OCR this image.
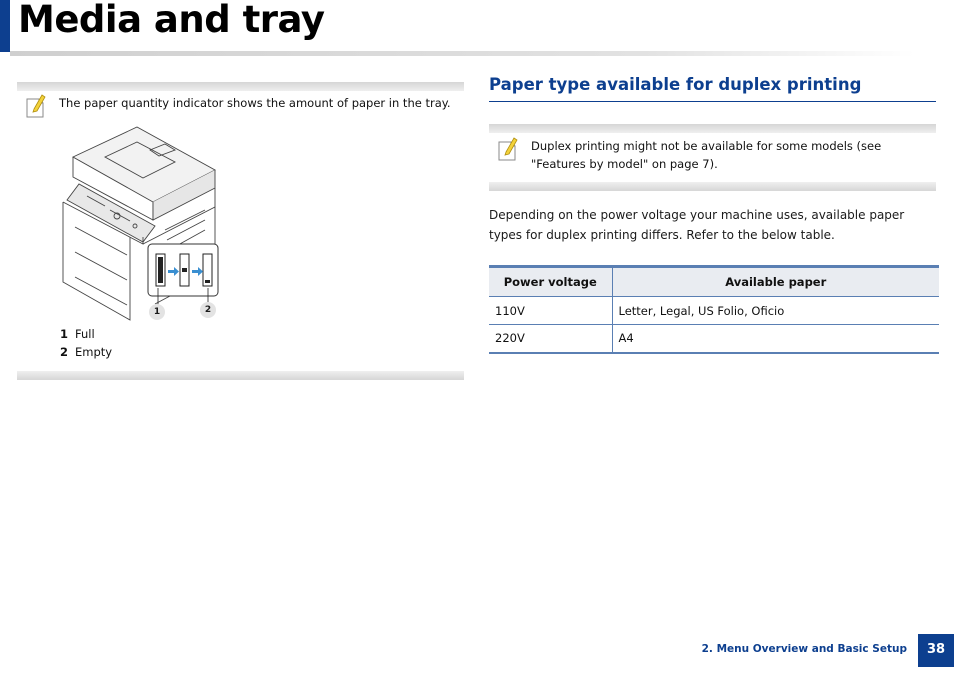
Media and tray
The paper quantity indicator shows the amount of paper in the tray.
1	2
1 Full
2 Empty
Paper type available for duplex printing
Duplex printing might not be available for some models (see "Features by model" on page 7).

Depending on the power voltage your machine uses, available paper types for duplex printing differs. Refer to the below table.

Power voltage	Available paper
110V	Letter, Legal, US Folio, Oficio
220V	A4
2. Menu Overview and Basic Setup	38
